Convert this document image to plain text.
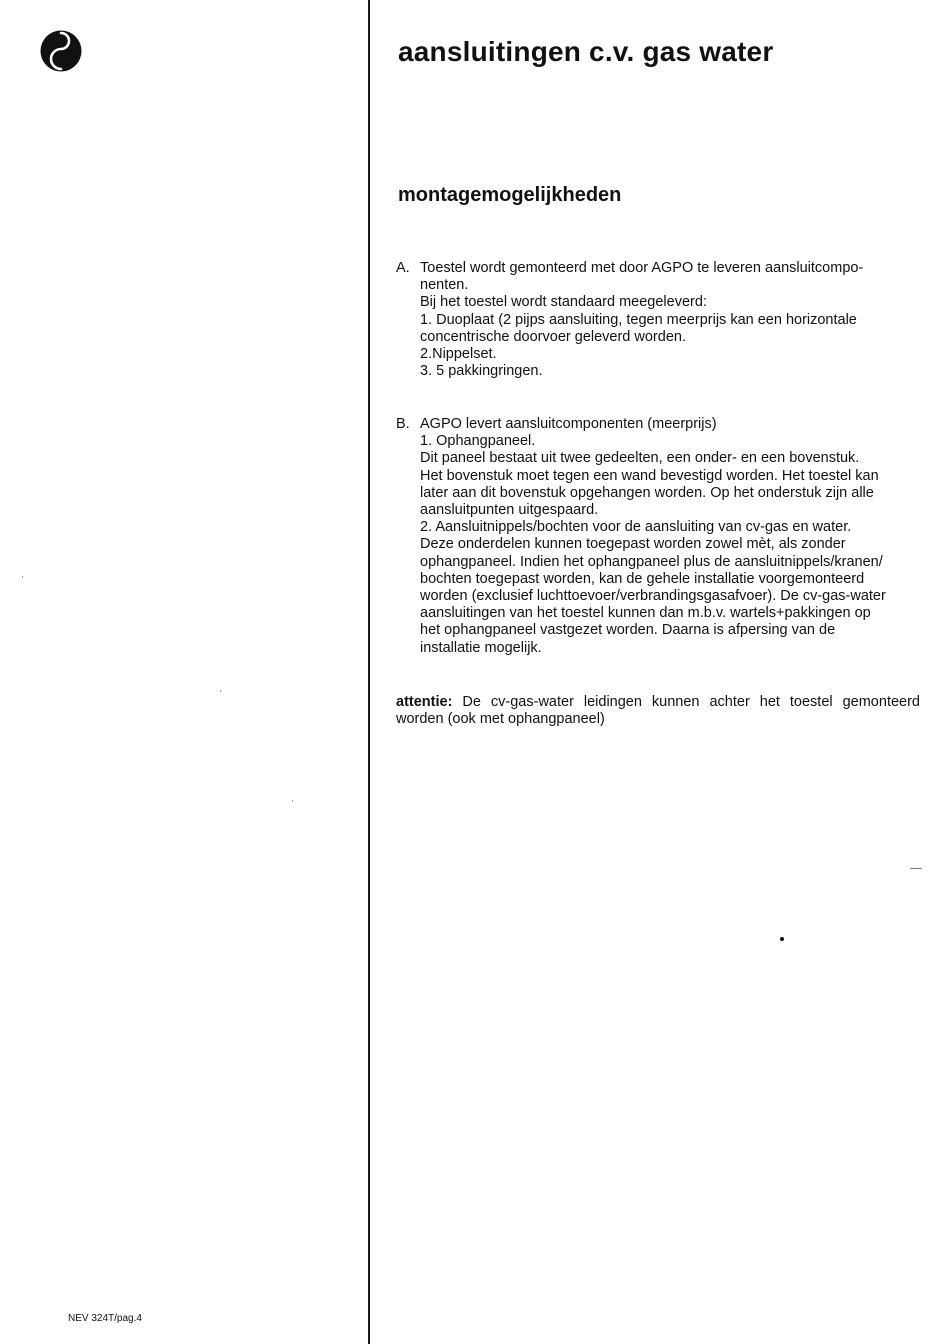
aansluitingen c.v. gas water
montagemogelijkheden
A. Toestel wordt gemonteerd met door AGPO te leveren aansluitcompo-
nenten.
Bij het toestel wordt standaard meegeleverd:
1. Duoplaat (2 pijps aansluiting, tegen meerprijs kan een horizontale
concentrische doorvoer geleverd worden.
2.Nippelset.
3. 5 pakkingringen.
B. AGPO levert aansluitcomponenten (meerprijs)
1. Ophangpaneel.
Dit paneel bestaat uit twee gedeelten, een onder- en een bovenstuk.
Het bovenstuk moet tegen een wand bevestigd worden. Het toestel kan
later aan dit bovenstuk opgehangen worden. Op het onderstuk zijn alle
aansluitpunten uitgespaard.
2. Aansluitnippels/bochten voor de aansluiting van cv-gas en water.
Deze onderdelen kunnen toegepast worden zowel mèt, als zonder
ophangpaneel. Indien het ophangpaneel plus de aansluitnippels/kranen/
bochten toegepast worden, kan de gehele installatie voorgemonteerd
worden (exclusief luchttoevoer/verbrandingsgasafvoer). De cv-gas-water
aansluitingen van het toestel kunnen dan m.b.v. wartels+pakkingen op
het ophangpaneel vastgezet worden. Daarna is afpersing van de
installatie mogelijk.
attentie: De cv-gas-water leidingen kunnen achter het toestel gemonteerd worden (ook met ophangpaneel)
NEV 324T/pag.4
